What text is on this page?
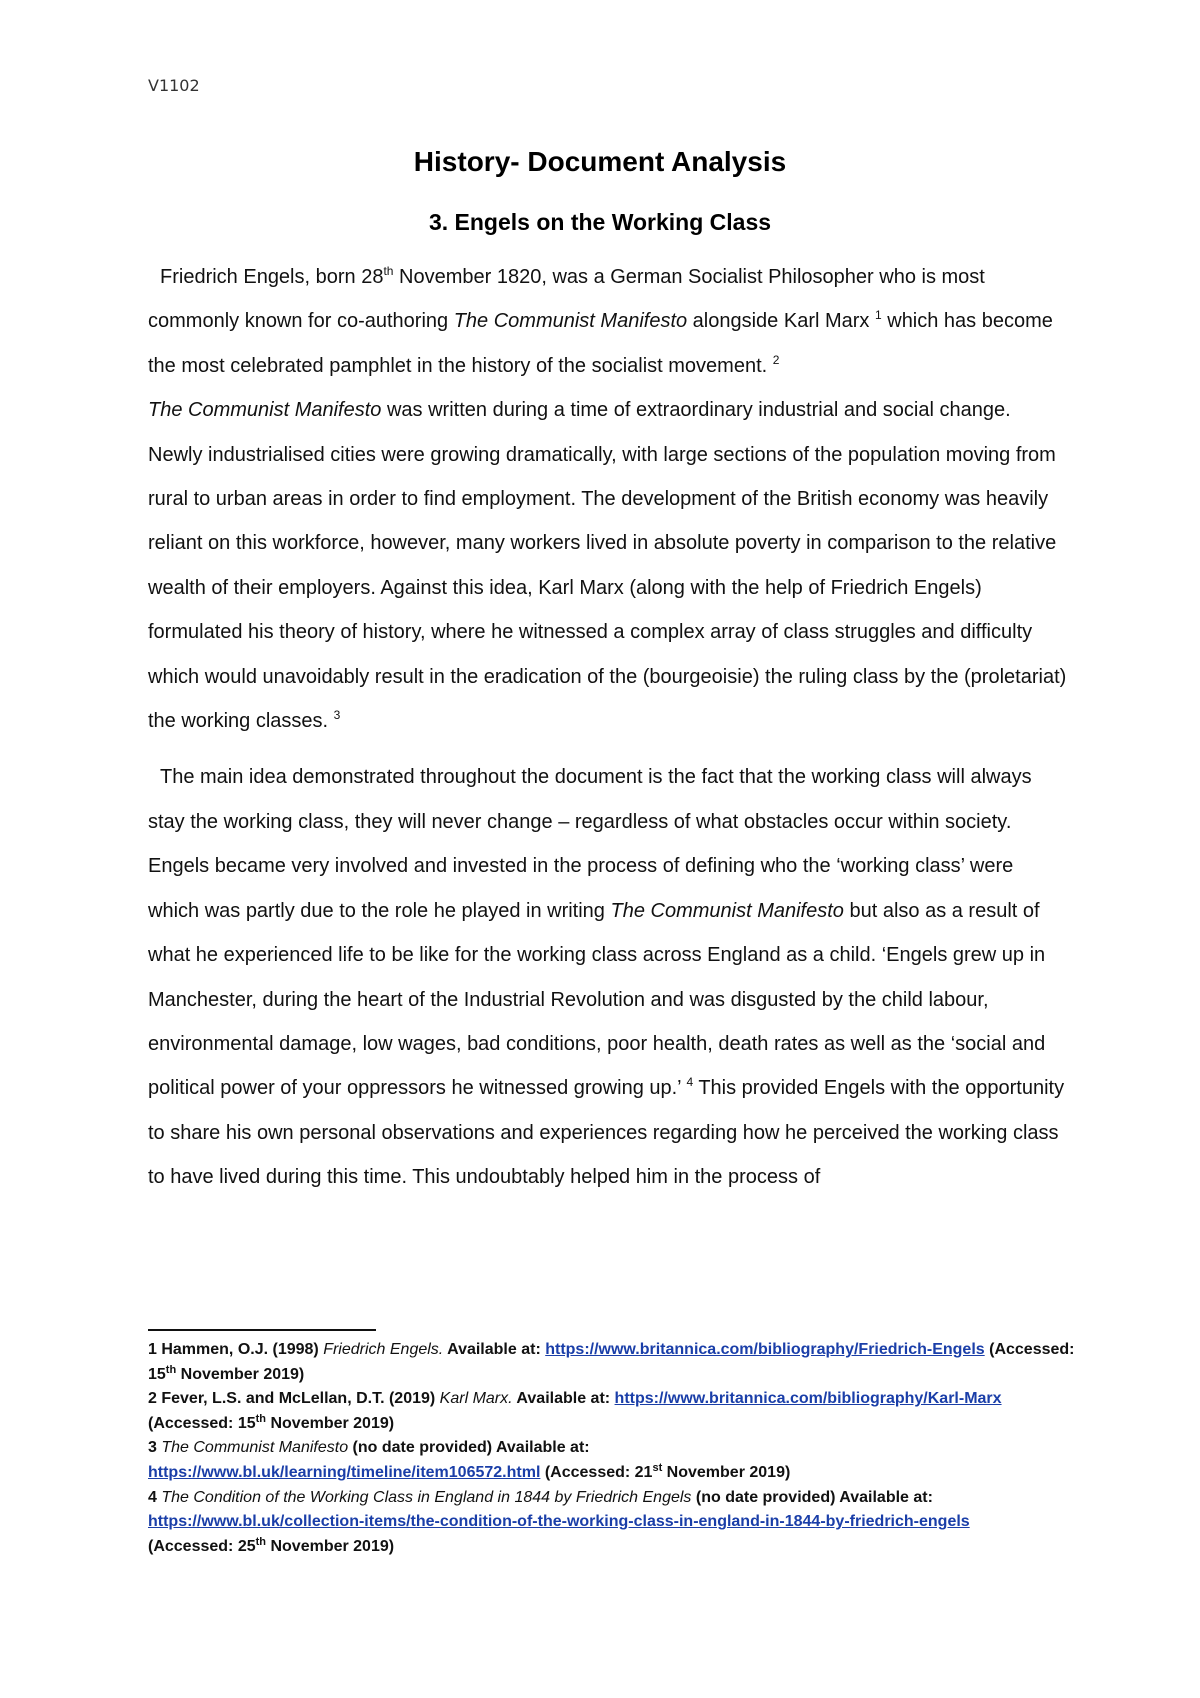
V1102
History- Document Analysis
3. Engels on the Working Class

Friedrich Engels, born 28th November 1820, was a German Socialist Philosopher who is most commonly known for co-authoring The Communist Manifesto alongside Karl Marx $^1$ which has become the most celebrated pamphlet in the history of the socialist movement. $^2$
The Communist Manifesto was written during a time of extraordinary industrial and social change. Newly industrialised cities were growing dramatically, with large sections of the population moving from rural to urban areas in order to find employment. The development of the British economy was heavily reliant on this workforce, however, many workers lived in absolute poverty in comparison to the relative wealth of their employers. Against this idea, Karl Marx (along with the help of Friedrich Engels) formulated his theory of history, where he witnessed a complex array of class struggles and difficulty which would unavoidably result in the eradication of the (bourgeoisie) the ruling class by the (proletariat) the working classes. $^3$

The main idea demonstrated throughout the document is the fact that the working class will always stay the working class, they will never change – regardless of what obstacles occur within society. Engels became very involved and invested in the process of defining who the ‘working class’ were which was partly due to the role he played in writing The Communist Manifesto but also as a result of what he experienced life to be like for the working class across England as a child. ‘Engels grew up in Manchester, during the heart of the Industrial Revolution and was disgusted by the child labour, environmental damage, low wages, bad conditions, poor health, death rates as well as the ‘social and political power of your oppressors he witnessed growing up.’ $^4$ This provided Engels with the opportunity to share his own personal observations and experiences regarding how he perceived the working class to have lived during this time. This undoubtably helped him in the process of

1 Hammen, O.J. (1998) Friedrich Engels. Available at: https://www.britannica.com/bibliography/Friedrich-Engels (Accessed: 15th November 2019)

2 Fever, L.S. and McLellan, D.T. (2019) Karl Marx. Available at: https://www.britannica.com/bibliography/Karl-Marx (Accessed: 15th November 2019)

3 The Communist Manifesto (no date provided) Available at:
https://www.bl.uk/learning/timeline/item106572.html (Accessed: 21st November 2019)

4 The Condition of the Working Class in England in 1844 by Friedrich Engels (no date provided) Available at:
https://www.bl.uk/collection-items/the-condition-of-the-working-class-in-england-in-1844-by-friedrich-engels
(Accessed: 25th November 2019)
